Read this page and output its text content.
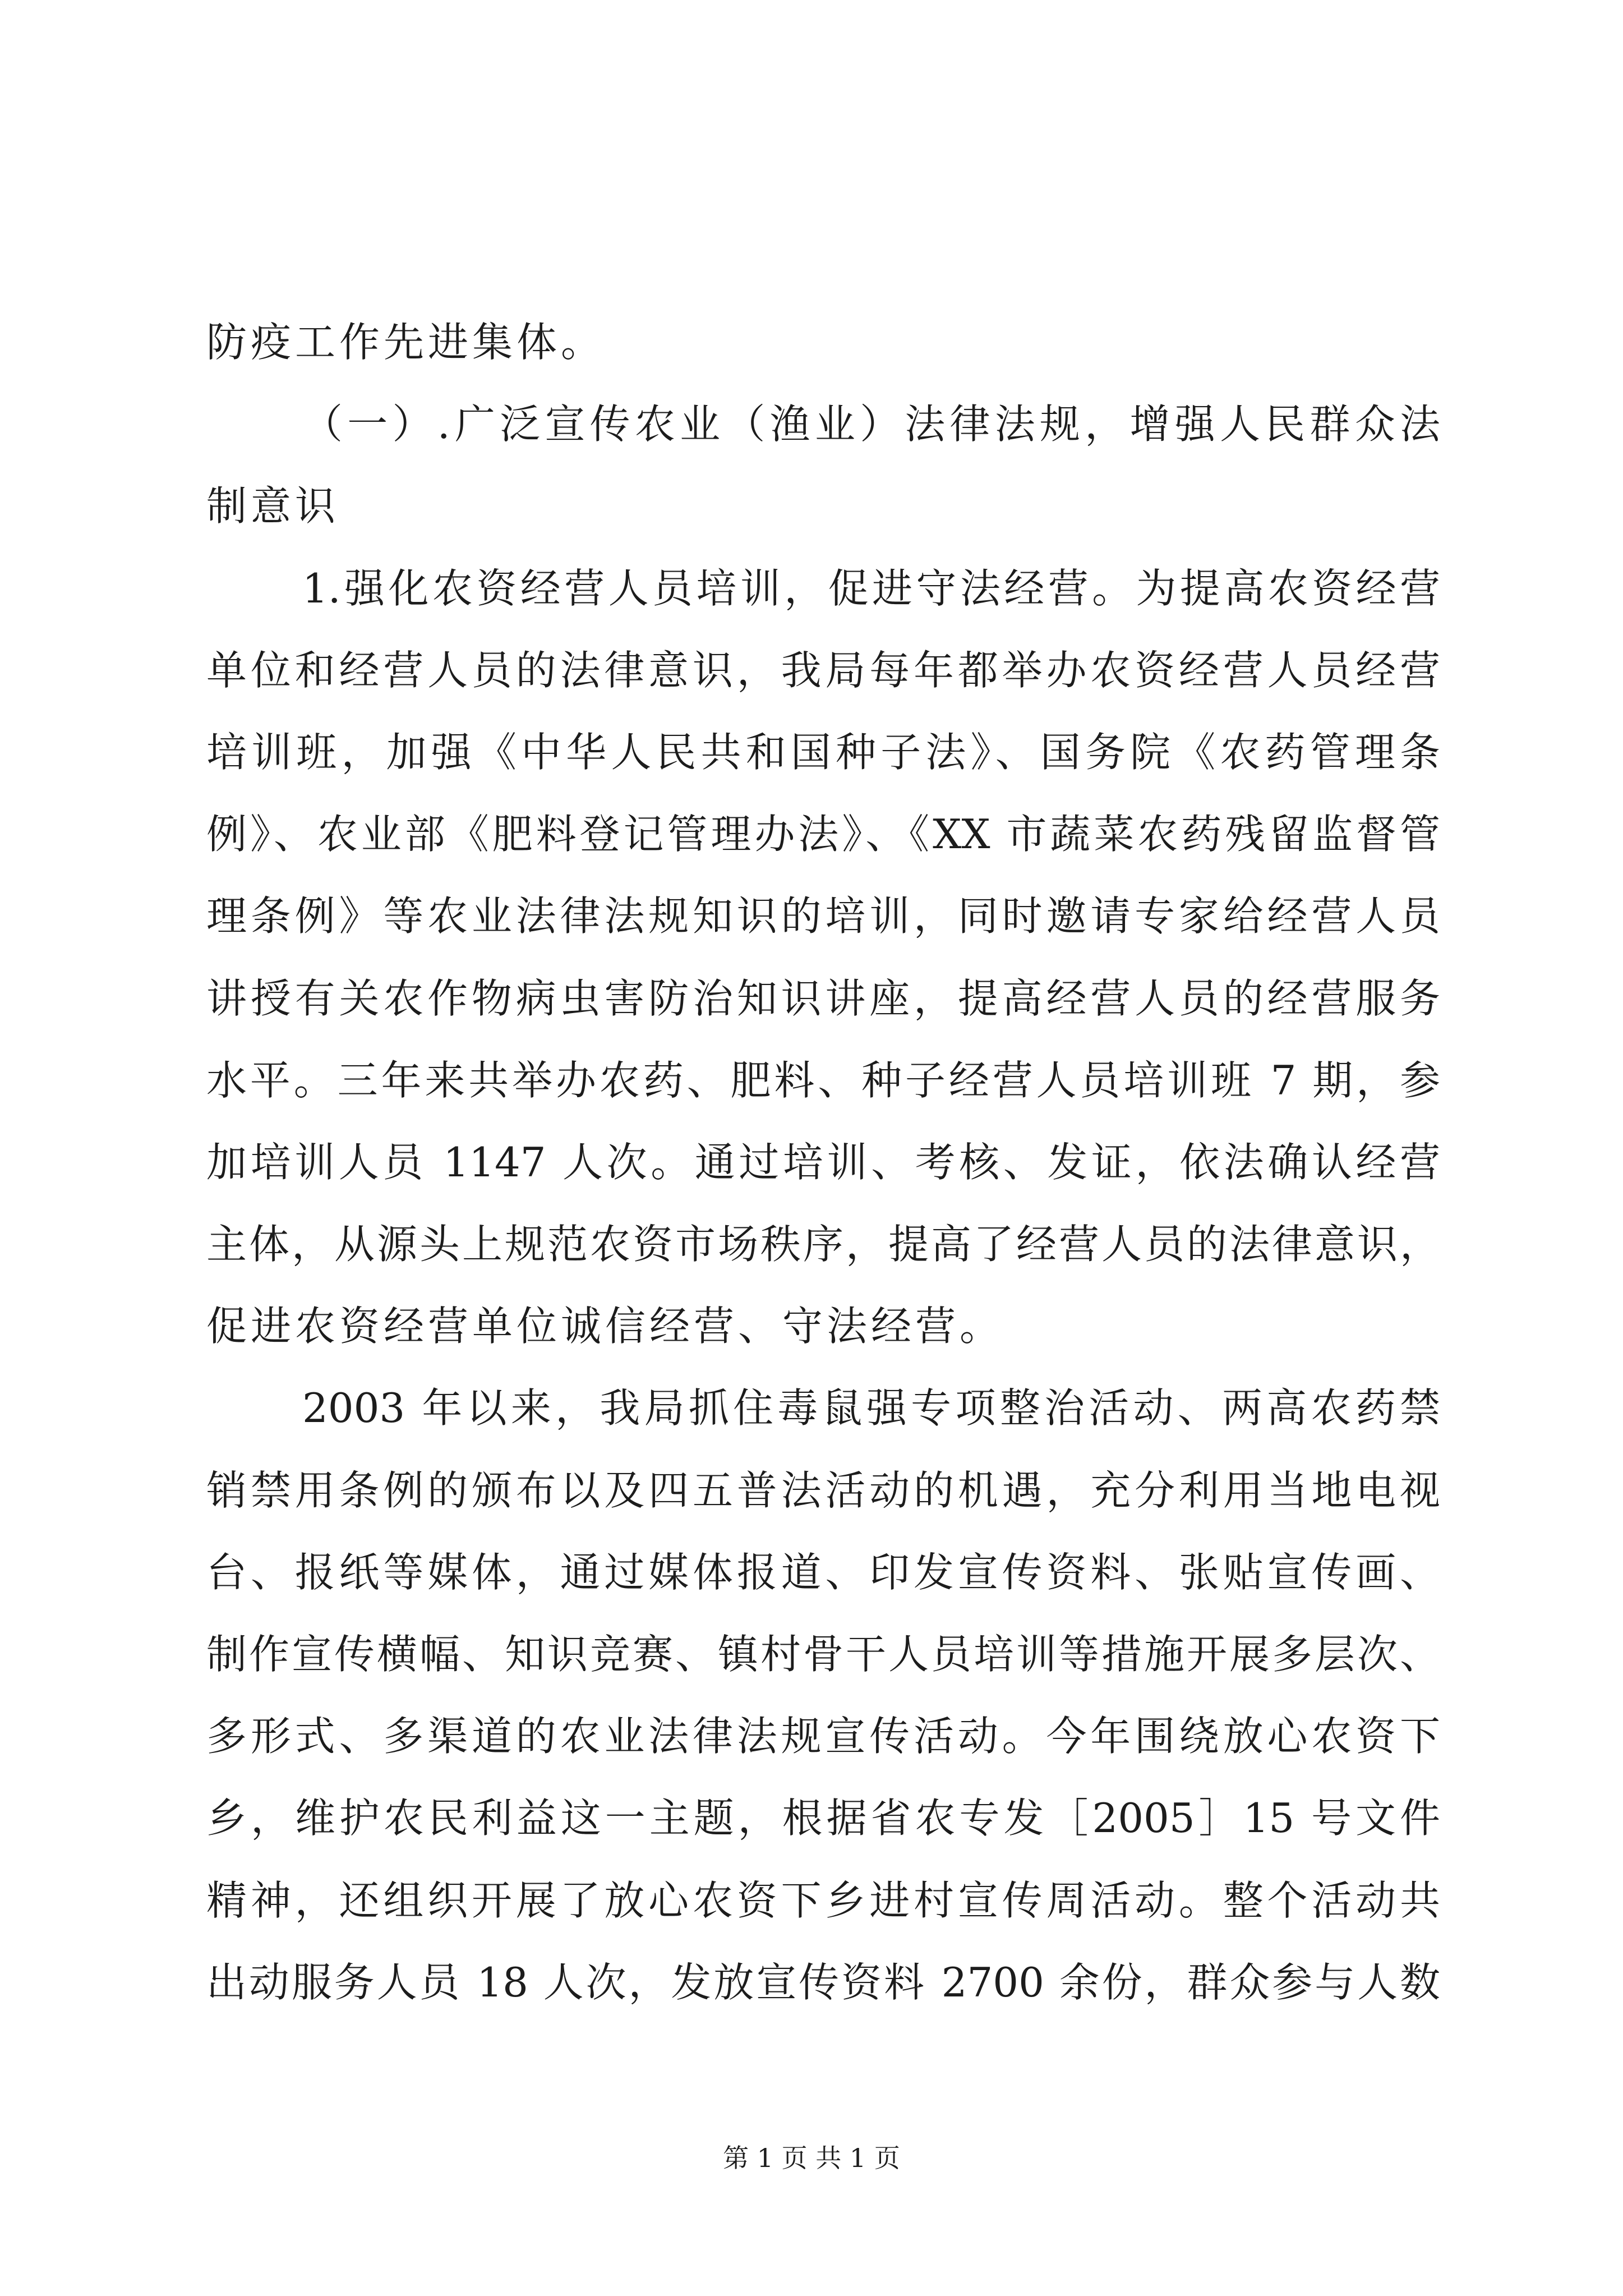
防疫工作先进集体。
（一）.广泛宣传农业（渔业）法律法规，增强人民群众法
制意识
1.强化农资经营人员培训，促进守法经营。为提高农资经营
单位和经营人员的法律意识，我局每年都举办农资经营人员经营
培训班，加强《中华人民共和国种子法》、国务院《农药管理条
例》、农业部《肥料登记管理办法》、《XX 市蔬菜农药残留监督管
理条例》等农业法律法规知识的培训，同时邀请专家给经营人员
讲授有关农作物病虫害防治知识讲座，提高经营人员的经营服务
水平。三年来共举办农药、肥料、种子经营人员培训班 7 期，参
加培训人员 1147 人次。通过培训、考核、发证，依法确认经营
主体，从源头上规范农资市场秩序，提高了经营人员的法律意识，
促进农资经营单位诚信经营、守法经营。
2003 年以来，我局抓住毒鼠强专项整治活动、两高农药禁
销禁用条例的颁布以及四五普法活动的机遇，充分利用当地电视
台、报纸等媒体，通过媒体报道、印发宣传资料、张贴宣传画、
制作宣传横幅、知识竞赛、镇村骨干人员培训等措施开展多层次、
多形式、多渠道的农业法律法规宣传活动。今年围绕放心农资下
乡，维护农民利益这一主题，根据省农专发［2005］15 号文件
精神，还组织开展了放心农资下乡进村宣传周活动。整个活动共
出动服务人员 18 人次，发放宣传资料 2700 余份，群众参与人数
第 1 页 共 1 页
